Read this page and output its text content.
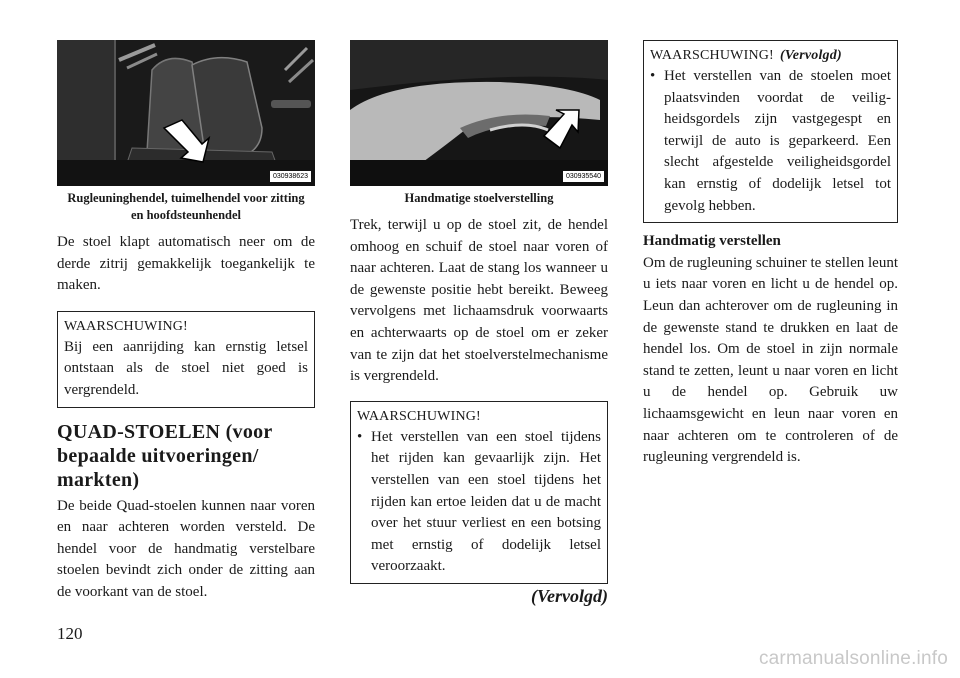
030938623
Rugleuninghendel, tuimelhendel voor zitting en hoofdsteunhendel

De stoel klapt automatisch neer om de derde zitrij gemakkelijk toegankelijk te maken.

WAARSCHUWING!
Bij een aanrijding kan ernstig letsel ontstaan als de stoel niet goed is vergrendeld.
QUAD-STOELEN (voor bepaalde uitvoeringen/ markten)

De beide Quad-stoelen kunnen naar voren en naar achteren worden versteld. De hendel voor de handmatig verstelbare stoelen bevindt zich onder de zitting aan de voorkant van de stoel.

030935540
Handmatige stoelverstelling

Trek, terwijl u op de stoel zit, de hendel omhoog en schuif de stoel naar voren of naar achteren. Laat de stang los wanneer u de gewenste positie hebt bereikt. Beweeg vervolgens met lichaamsdruk voorwaarts en achterwaarts op de stoel om er zeker van te zijn dat het stoelverstelmechanisme is vergrendeld.

WAARSCHUWING!
• Het verstellen van een stoel tijdens het rijden kan gevaarlijk zijn. Het verstellen van een stoel tijdens het rijden kan ertoe leiden dat u de macht over het stuur verliest en een botsing met ernstig of dodelijk letsel veroorzaakt.
(Vervolgd)
WAARSCHUWING! (Vervolgd)
• Het verstellen van de stoelen moet plaatsvinden voordat de veiligheidsgordels zijn vastgegespt en terwijl de auto is geparkeerd. Een slecht afgestelde veiligheidsgordel kan ernstig of dodelijk letsel tot gevolg hebben.
Handmatig verstellen

Om de rugleuning schuiner te stellen leunt u iets naar voren en licht u de hendel op. Leun dan achterover om de rugleuning in de gewenste stand te drukken en laat de hendel los. Om de stoel in zijn normale stand te zetten, leunt u naar voren en licht u de hendel op. Gebruik uw lichaamsgewicht en leun naar voren en naar achteren om te controleren of de rugleuning vergrendeld is.

120
carmanualsonline.info
